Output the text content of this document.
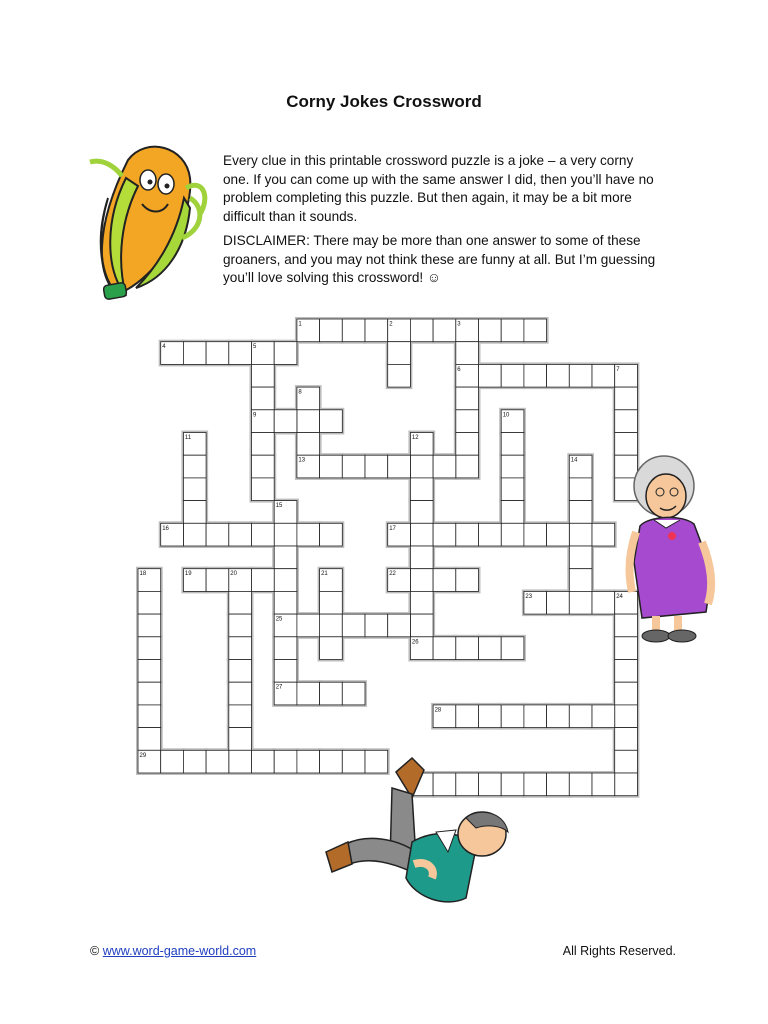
Corny Jokes Crossword

Every clue in this printable crossword puzzle is a joke – a very corny one. If you can come up with the same answer I did, then you’ll have no problem completing this puzzle. But then again, it may be a bit more difficult than it sounds.

DISCLAIMER: There may be more than one answer to some of these groaners, and you may not think these are funny at all. But I’m guessing you’ll love solving this crossword! ☺

1	2	3
4	5
6	7
8
9	10
11	12
13	14
15
16	17
18	19	20	21	22
23	24
25
26
27
28
29
© www.word-game-world.com	All Rights Reserved.
